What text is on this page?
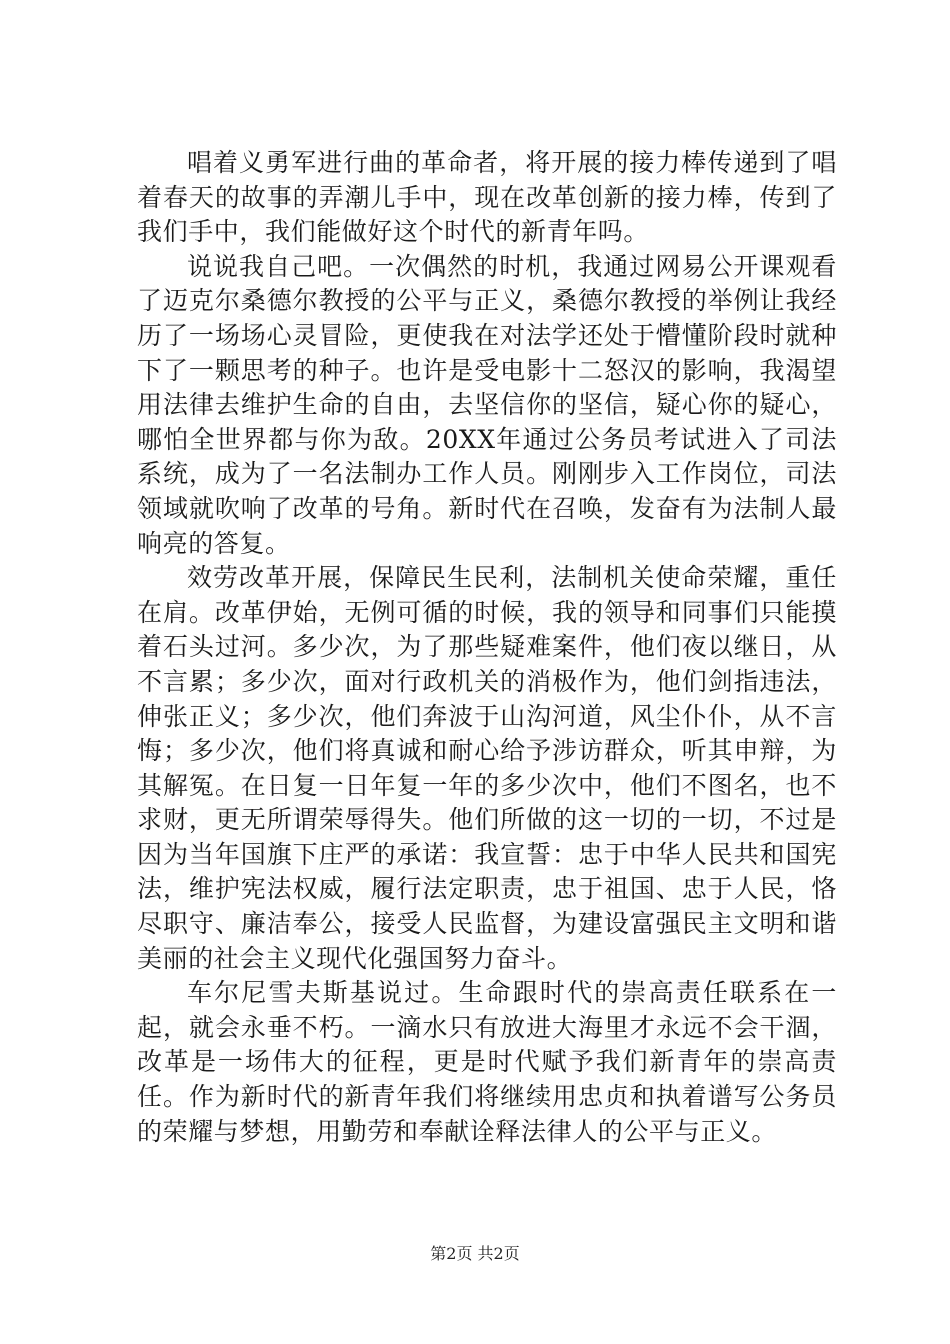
唱着义勇军进行曲的革命者，将开展的接力棒传递到了唱着春天的故事的弄潮儿手中，现在改革创新的接力棒，传到了我们手中，我们能做好这个时代的新青年吗。

说说我自己吧。一次偶然的时机，我通过网易公开课观看了迈克尔桑德尔教授的公平与正义，桑德尔教授的举例让我经历了一场场心灵冒险，更使我在对法学还处于懵懂阶段时就种下了一颗思考的种子。也许是受电影十二怒汉的影响，我渴望用法律去维护生命的自由，去坚信你的坚信，疑心你的疑心，哪怕全世界都与你为敌。20XX年通过公务员考试进入了司法系统，成为了一名法制办工作人员。刚刚步入工作岗位，司法领域就吹响了改革的号角。新时代在召唤，发奋有为法制人最响亮的答复。

效劳改革开展，保障民生民利，法制机关使命荣耀，重任在肩。改革伊始，无例可循的时候，我的领导和同事们只能摸着石头过河。多少次，为了那些疑难案件，他们夜以继日，从不言累；多少次，面对行政机关的消极作为，他们剑指违法，伸张正义；多少次，他们奔波于山沟河道，风尘仆仆，从不言悔；多少次，他们将真诚和耐心给予涉访群众，听其申辩，为其解冤。在日复一日年复一年的多少次中，他们不图名，也不求财，更无所谓荣辱得失。他们所做的这一切的一切，不过是因为当年国旗下庄严的承诺：我宣誓：忠于中华人民共和国宪法，维护宪法权威，履行法定职责，忠于祖国、忠于人民，恪尽职守、廉洁奉公，接受人民监督，为建设富强民主文明和谐美丽的社会主义现代化强国努力奋斗。

车尔尼雪夫斯基说过。生命跟时代的崇高责任联系在一起，就会永垂不朽。一滴水只有放进大海里才永远不会干涸，改革是一场伟大的征程，更是时代赋予我们新青年的崇高责任。作为新时代的新青年我们将继续用忠贞和执着谱写公务员的荣耀与梦想，用勤劳和奉献诠释法律人的公平与正义。

第2页 共2页
